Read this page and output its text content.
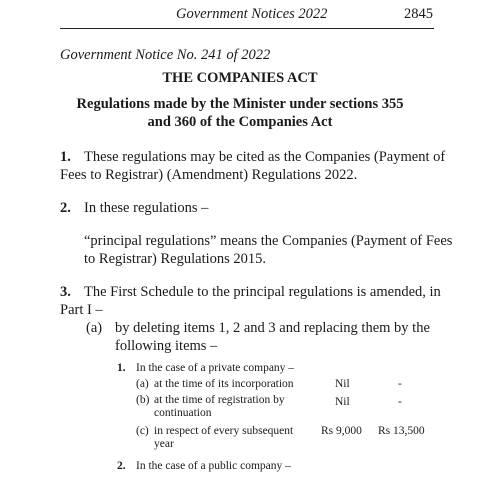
Government Notices 2022	2845
Government Notice No. 241 of 2022
THE COMPANIES ACT
Regulations made by the Minister under sections 355
and 360 of the Companies Act
1. These regulations may be cited as the Companies (Payment of
Fees to Registrar) (Amendment) Regulations 2022.
2. In these regulations –
“principal regulations” means the Companies (Payment of Fees
to Registrar) Regulations 2015.
3. The First Schedule to the principal regulations is amended, in
Part I –
(a) by deleting items 1, 2 and 3 and replacing them by the
following items –
1. In the case of a private company –
(a) at the time of its incorporation	Nil	-
(b) at the time of registration by
continuation
Nil	-
(c) in respect of every subsequent
year
Rs 9,000 Rs 13,500
2. In the case of a public company –
